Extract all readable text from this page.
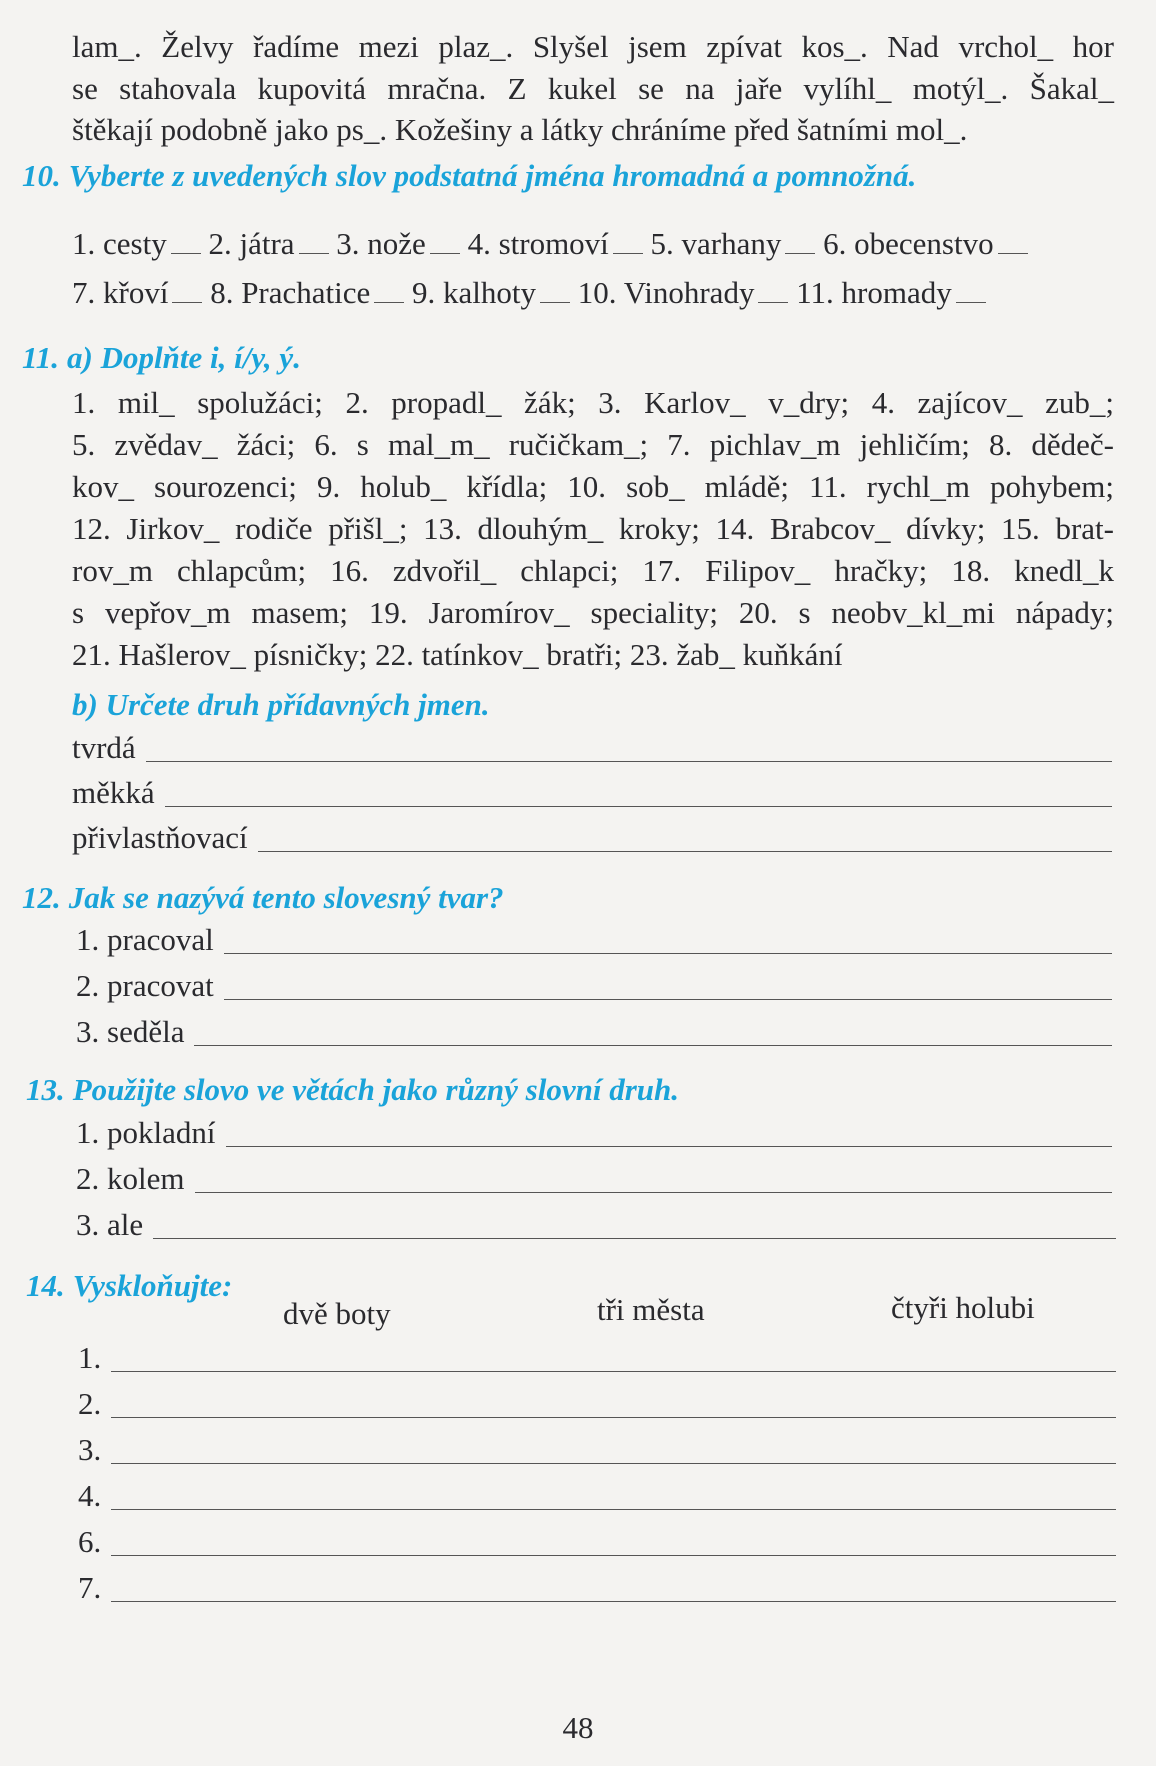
lam_. Želvy řadíme mezi plaz_. Slyšel jsem zpívat kos_. Nad vrchol_ hor
se stahovala kupovitá mračna. Z kukel se na jaře vylíhl_ motýl_. Šakal_
štěkají podobně jako ps_. Kožešiny a látky chráníme před šatními mol_.
10. Vyberte z uvedených slov podstatná jména hromadná a pomnožná.
1. cesty 2. játra 3. nože 4. stromoví 5. varhany 6. obecenstvo
7. křoví 8. Prachatice 9. kalhoty 10. Vinohrady 11. hromady
11. a) Doplňte i, í/y, ý.
1. mil_ spolužáci; 2. propadl_ žák; 3. Karlov_ v_dry; 4. zajícov_ zub_;
5. zvědav_ žáci; 6. s mal_m_ ručičkam_; 7. pichlav_m jehličím; 8. dědeč-
kov_ sourozenci; 9. holub_ křídla; 10. sob_ mládě; 11. rychl_m pohybem;
12. Jirkov_ rodiče přišl_; 13. dlouhým_ kroky; 14. Brabcov_ dívky; 15. brat-
rov_m chlapcům; 16. zdvořil_ chlapci; 17. Filipov_ hračky; 18. knedl_k
s vepřov_m masem; 19. Jaromírov_ speciality; 20. s neobv_kl_mi nápady;
21. Hašlerov_ písničky; 22. tatínkov_ bratři; 23. žab_ kuňkání
b) Určete druh přídavných jmen.
tvrdá
měkká
přivlastňovací
12. Jak se nazývá tento slovesný tvar?
1. pracoval
2. pracovat
3. seděla
13. Použijte slovo ve větách jako různý slovní druh.
1. pokladní
2. kolem
3. ale
14. Vyskloňujte:
dvě boty	tři města	čtyři holubi
1.
2.
3.
4.
6.
7.
48
